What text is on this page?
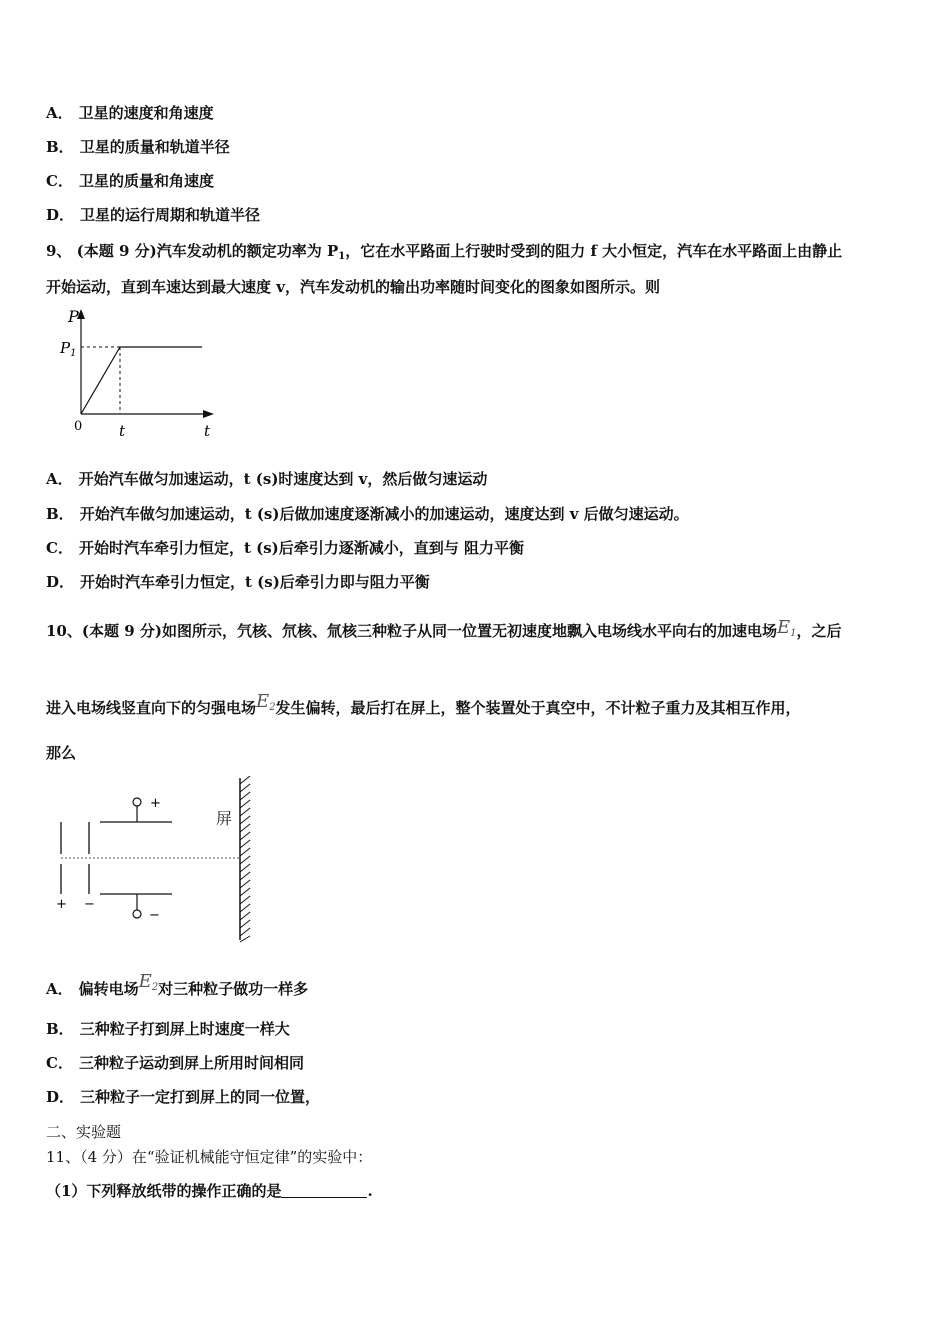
A． 卫星的速度和角速度
B． 卫星的质量和轨道半径
C． 卫星的质量和角速度
D． 卫星的运行周期和轨道半径
9、 (本题 9 分)汽车发动机的额定功率为 $P_1$，它在水平路面上行驶时受到的阻力 f 大小恒定，汽车在水平路面上由静止
开始运动，直到车速达到最大速度 v，汽车发动机的输出功率随时间变化的图象如图所示。则
P
$P_1$
0 t	t
A． 开始汽车做匀加速运动，t (s)时速度达到 v，然后做匀速运动
B． 开始汽车做匀加速运动，t (s)后做加速度逐渐减小的加速运动，速度达到 v 后做匀速运动。
C． 开始时汽车牵引力恒定，t (s)后牵引力逐渐减小，直到与 阻力平衡
D． 开始时汽车牵引力恒定，t (s)后牵引力即与阻力平衡
10、(本题 9 分)如图所示，氕核、氘核、氚核三种粒子从同一位置无初速度地飘入电场线水平向右的加速电场$E_1$，之后
进入电场线竖直向下的匀强电场$E_2$发生偏转，最后打在屏上，整个装置处于真空中，不计粒子重力及其相互作用，
那么
+ −
+
−
屏
A． 偏转电场$E_2$对三种粒子做功一样多
B． 三种粒子打到屏上时速度一样大
C． 三种粒子运动到屏上所用时间相同
D． 三种粒子一定打到屏上的同一位置，
二、实验题
11、（4 分）在“验证机械能守恒定律”的实验中：
（1）下列释放纸带的操作正确的是	.
